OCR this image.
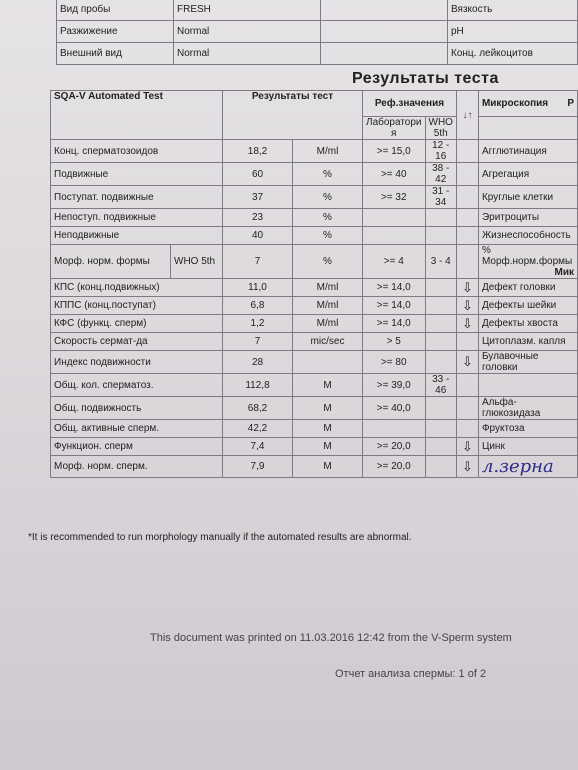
Вид пробы	FRESH		Вязкость
Разжижение	Normal		pH
Внешний вид	Normal		Конц. лейкоцитов
Результаты теста
SQA-V Automated Test		Результаты тест		Реф.значения		↓↑	Микроскопия Р

				Лаборатори я	WHO 5th		
Конц. сперматозоидов		18,2	M/ml	>= 15,0	12 - 16		Агглютинация
Подвижные		60	%	>= 40	38 - 42		Агрегация
Поступат. подвижные		37	%	>= 32	31 - 34		Круглые клетки
Непоступ. подвижные		23	%				Эритроциты
Неподвижные		40	%				Жизнеспособность
Морф. норм. формы	WHO 5th	7	%	>= 4	3 - 4		% Морф.норм.формы
Мик

КПС (конц.подвижных)		11,0	M/ml	>= 14,0		⇩	Дефект головки
КППС (конц.поступат)		6,8	M/ml	>= 14,0		⇩	Дефекты шейки
КФС (функц. сперм)		1,2	M/ml	>= 14,0		⇩	Дефекты хвоста
Скорость сермат-да		7	mic/sec	> 5			Цитоплазм. капля
Индекс подвижности		28		>= 80		⇩	Булавочные головки
Общ. кол. сперматоз.		112,8	M	>= 39,0	33 - 46		
Общ. подвижность		68,2	M	>= 40,0			Альфа-глюкозидаза
Общ. активные сперм.		42,2	M				Фруктоза
Функцион. сперм		7,4	M	>= 20,0		⇩	Цинк
Морф. норм. сперм.		7,9	M	>= 20,0		⇩	л.зерна
*It is recommended to run morphology manually if the automated results are abnormal.
This document was printed on 11.03.2016 12:42 from the V-Sperm system
Отчет анализа спермы: 1 of 2
